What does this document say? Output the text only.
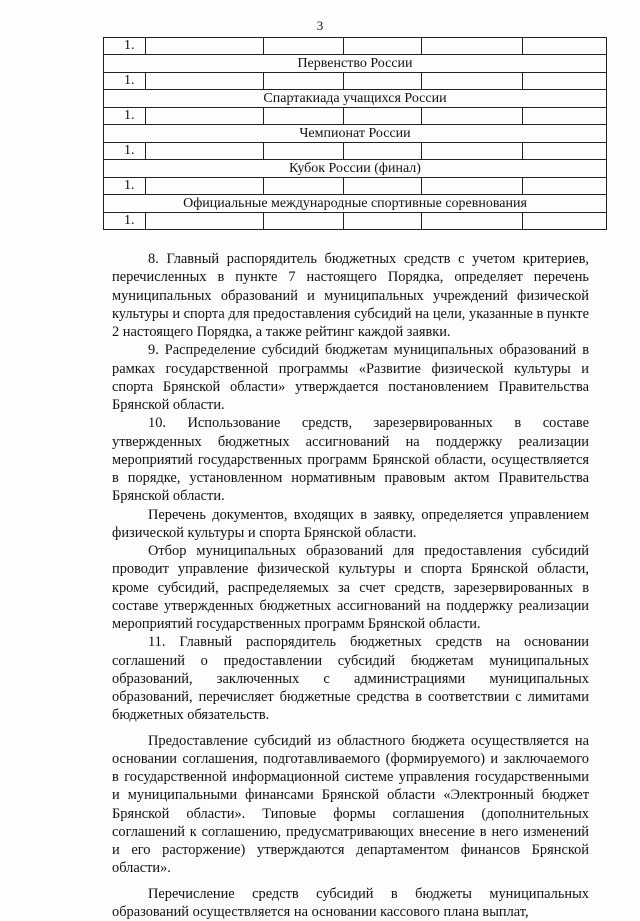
3
1.					
Первенство России					
1.					
Спартакиада учащихся России					
1.					
Чемпионат России					
1.					
Кубок России (финал)					
1.					
Официальные международные спортивные соревнования					
1.					

8. Главный распорядитель бюджетных средств с учетом критериев, перечисленных в пункте 7 настоящего Порядка, определяет перечень муниципальных образований и муниципальных учреждений физической культуры и спорта для предоставления субсидий на цели, указанные в пункте 2 настоящего Порядка, а также рейтинг каждой заявки.

9. Распределение субсидий бюджетам муниципальных образований в рамках государственной программы «Развитие физической культуры и спорта Брянской области» утверждается постановлением Правительства Брянской области.

10. Использование средств, зарезервированных в составе утвержденных бюджетных ассигнований на поддержку реализации мероприятий государственных программ Брянской области, осуществляется в порядке, установленном нормативным правовым актом Правительства Брянской области.

Перечень документов, входящих в заявку, определяется управлением физической культуры и спорта Брянской области.

Отбор муниципальных образований для предоставления субсидий проводит управление физической культуры и спорта Брянской области, кроме субсидий, распределяемых за счет средств, зарезервированных в составе утвержденных бюджетных ассигнований на поддержку реализации мероприятий государственных программ Брянской области.

11. Главный распорядитель бюджетных средств на основании соглашений о предоставлении субсидий бюджетам муниципальных образований, заключенных с администрациями муниципальных образований, перечисляет бюджетные средства в соответствии с лимитами бюджетных обязательств.

Предоставление субсидий из областного бюджета осуществляется на основании соглашения, подготавливаемого (формируемого) и заключаемого в государственной информационной системе управления государственными и муниципальными финансами Брянской области «Электронный бюджет Брянской области». Типовые формы соглашения (дополнительных соглашений к соглашению, предусматривающих внесение в него изменений и его расторжение) утверждаются департаментом финансов Брянской области».

Перечисление средств субсидий в бюджеты муниципальных образований осуществляется на основании кассового плана выплат,
